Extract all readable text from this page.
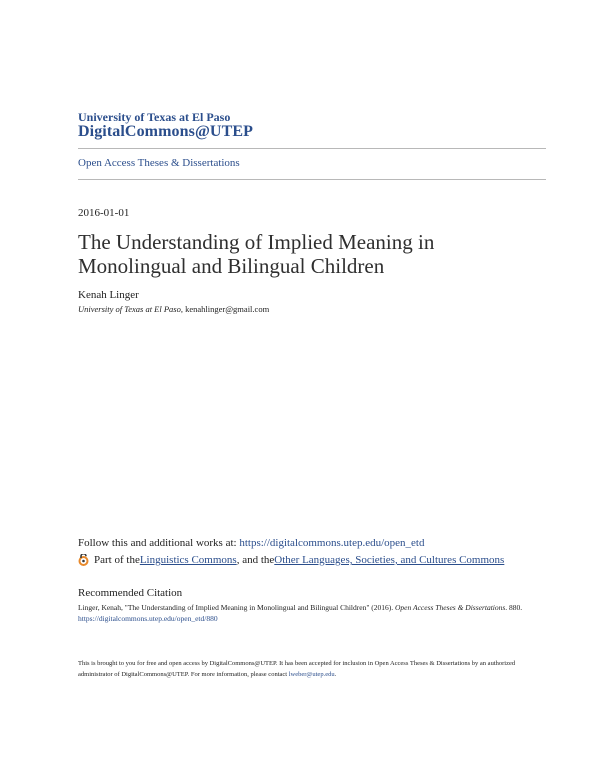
University of Texas at El Paso
DigitalCommons@UTEP
Open Access Theses & Dissertations
2016-01-01
The Understanding of Implied Meaning in Monolingual and Bilingual Children
Kenah Linger
University of Texas at El Paso, kenahlinger@gmail.com
Follow this and additional works at: https://digitalcommons.utep.edu/open_etd
Part of the Linguistics Commons , and the Other Languages, Societies, and Cultures Commons
Recommended Citation
Linger, Kenah, "The Understanding of Implied Meaning in Monolingual and Bilingual Children" (2016). Open Access Theses & Dissertations. 880.
https://digitalcommons.utep.edu/open_etd/880
This is brought to you for free and open access by DigitalCommons@UTEP. It has been accepted for inclusion in Open Access Theses & Dissertations by an authorized administrator of DigitalCommons@UTEP. For more information, please contact lweber@utep.edu.
